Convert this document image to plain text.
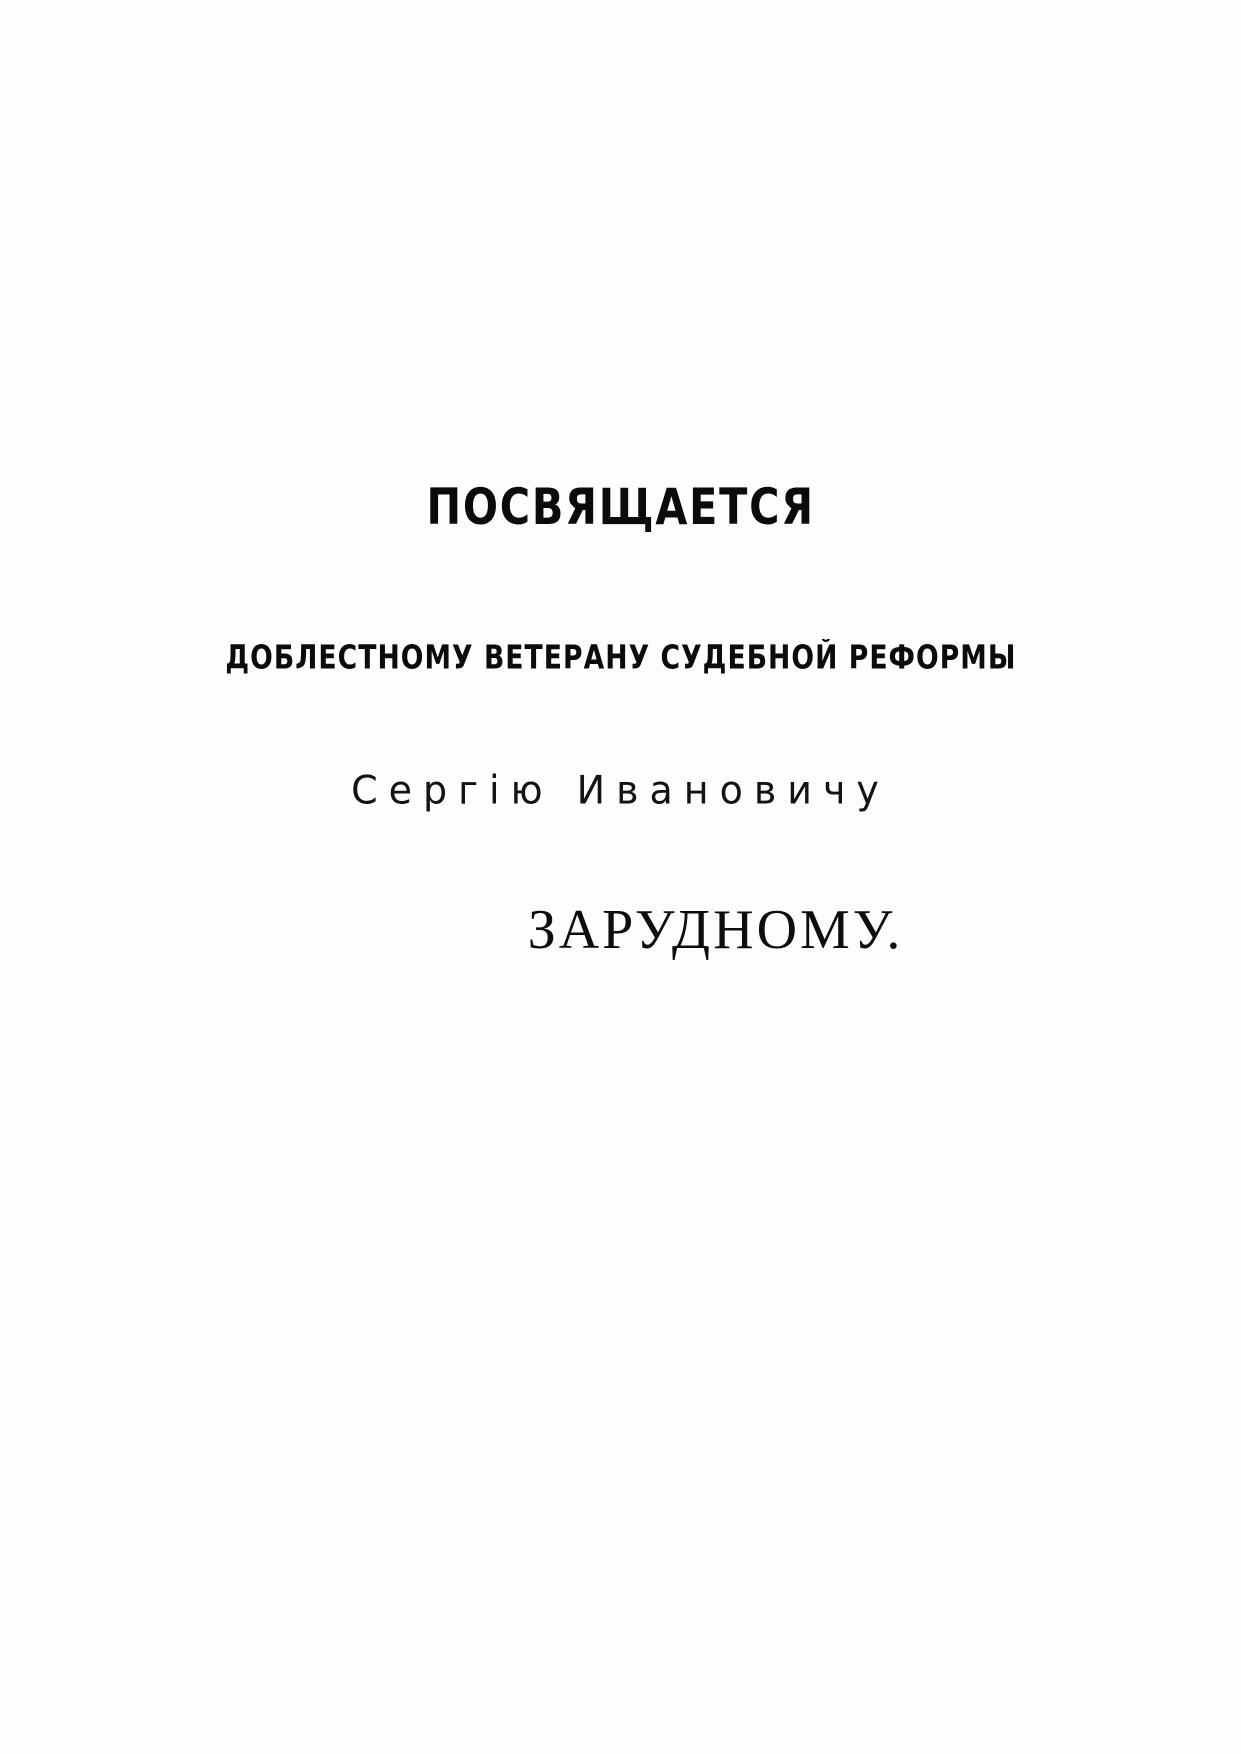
ПОСВЯЩАЕТСЯ
ДОБЛЕСТНОМУ ВЕТЕРАНУ СУДЕБНОЙ РЕФОРМЫ
Сергiю Ивановичу
ЗАРУДНОМУ.
